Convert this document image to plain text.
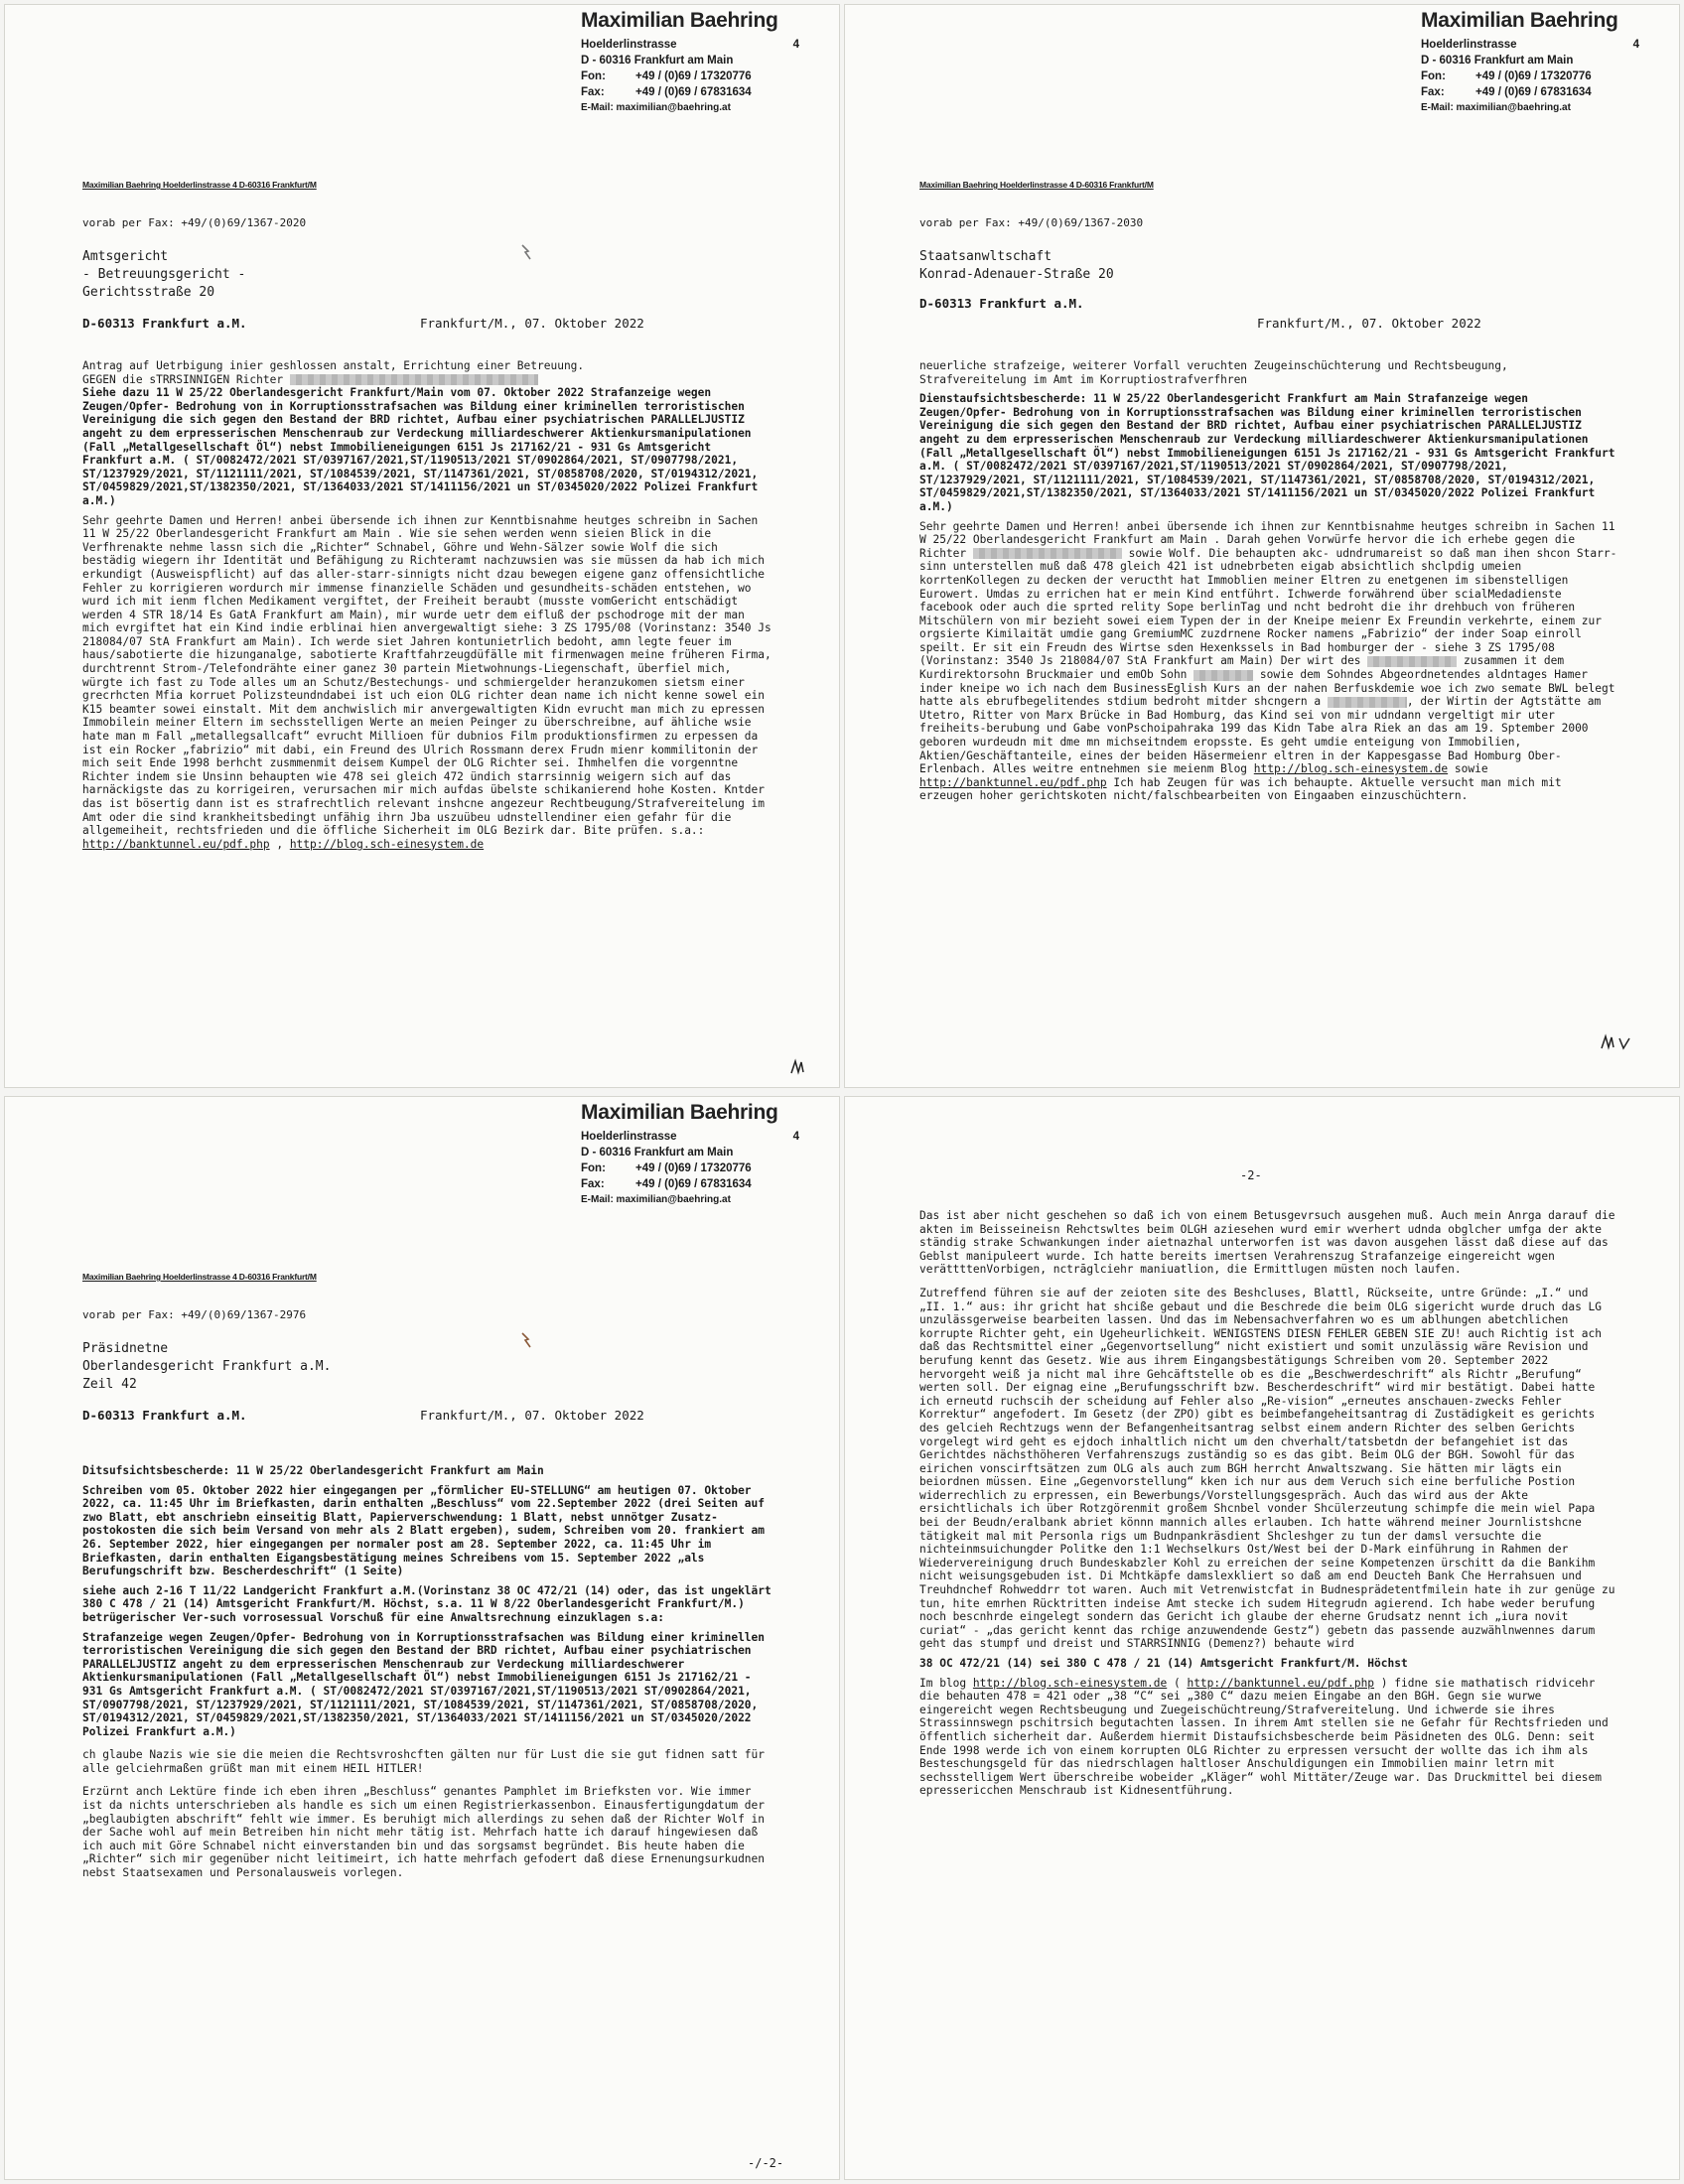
Maximilian Baehring
Hoelderlinstrasse	4
D - 60316 Frankfurt am Main
Fon:	+49 / (0)69 / 17320776
Fax:	+49 / (0)69 / 67831634
E-Mail: maximilian@baehring.at
Maximilian Baehring Hoelderlinstrasse 4 D-60316 Frankfurt/M
vorab per Fax: +49/(0)69/1367-2020
Amtsgericht
- Betreuungsgericht -
Gerichtsstraße 20
D-60313 Frankfurt a.M.	Frankfurt/M., 07. Oktober 2022

Antrag auf Uetrbigung inier geshlossen anstalt, Errichtung einer Betreuung.
GEGEN die sTRRSINNIGEN Richter

Siehe dazu 11 W 25/22 Oberlandesgericht Frankfurt/Main vom 07. Oktober 2022 Strafanzeige wegen Zeugen/Opfer- Bedrohung von in Korruptionsstrafsachen was Bildung einer kriminellen terroristischen Vereinigung die sich gegen den Bestand der BRD richtet, Aufbau einer psychiatrischen PARALLELJUSTIZ angeht zu dem erpresserischen Menschenraub zur Verdeckung milliardeschwerer Aktienkursmanipulationen (Fall „Metallgesellschaft Öl“) nebst Immobilieneigungen 6151 Js 217162/21 - 931 Gs Amtsgericht Frankfurt a.M. ( ST/0082472/2021 ST/0397167/2021,ST/1190513/2021 ST/0902864/2021, ST/0907798/2021, ST/1237929/2021, ST/1121111/2021, ST/1084539/2021, ST/1147361/2021, ST/0858708/2020, ST/0194312/2021, ST/0459829/2021,ST/1382350/2021, ST/1364033/2021 ST/1411156/2021 un ST/0345020/2022 Polizei Frankfurt a.M.)

Sehr geehrte Damen und Herren! anbei übersende ich ihnen zur Kenntbisnahme heutges schreibn in Sachen 11 W 25/22 Oberlandesgericht Frankfurt am Main . Wie sie sehen werden wenn sieien Blick in die Verfhrenakte nehme lassn sich die „Richter“ Schnabel, Göhre und Wehn-Sälzer sowie Wolf die sich bestädig wiegern ihr Identität und Befähigung zu Richteramt nachzuwsien was sie müssen da hab ich mich erkundigt (Ausweispflicht) auf das aller-starr-sinnigts nicht dzau bewegen eigene ganz offensichtliche Fehler zu korrigieren wordurch mir immense finanzielle Schäden und gesundheits-schäden entstehen, wo wurd ich mit ienm flchen Medikament vergiftet, der Freiheit beraubt (musste vomGericht entschädigt werden 4 STR 18/14 Es GatA Frankfurt am Main), mir wurde uetr dem eifluß der pschodroge mit der man mich evrgiftet hat ein Kind indie erblinai hien anvergewaltigt siehe: 3 ZS 1795/08 (Vorinstanz: 3540 Js 218084/07 StA Frankfurt am Main). Ich werde siet Jahren kontunietrlich bedoht, amn legte feuer im haus/sabotierte die hizunganalge, sabotierte Kraftfahrzeugdüfälle mit firmenwagen meine früheren Firma, durchtrennt Strom-/Telefondrähte einer ganez 30 partein Mietwohnungs-Liegenschaft, überfiel mich, würgte ich fast zu Tode alles um an Schutz/Bestechungs- und schmiergelder heranzukomen sietsm einer grecrhcten Mfia korruet Polizsteundndabei ist uch eion OLG richter dean name ich nicht kenne sowel ein K15 beamter sowei einstalt. Mit dem anchwislich mir anvergewaltigten Kidn evrucht man mich zu epressen Immobilein meiner Eltern im sechsstelligen Werte an meien Peinger zu überschreibne, auf ähliche wsie hate man m Fall „metallegsallcaft“ evrucht Millioen für dubnios Film produktionsfirmen zu erpessen da ist ein Rocker „fabrizio“ mit dabi, ein Freund des Ulrich Rossmann derex Frudn mienr kommilitonin der mich seit Ende 1998 berhcht zusmmenmit deisem Kumpel der OLG Richter sei. Ihmhelfen die vorgenntne Richter indem sie Unsinn behaupten wie 478 sei gleich 472 ündich starrsinnig weigern sich auf das harnäckigste das zu korrigeiren, verursachen mir mich aufdas übelste schikanierend hohe Kosten. Kntder das ist bösertig dann ist es strafrechtlich relevant inshcne angezeur Rechtbeugung/Strafvereitelung im Amt oder die sind krankheitsbedingt unfähig ihrn Jba uszuübeu udnstellendiner eien gefahr für die allgemeiheit, rechtsfrieden und die öffliche Sicherheit im OLG Bezirk dar. Bite prüfen. s.a.: http://banktunnel.eu/pdf.php , http://blog.sch-einesystem.de

Maximilian Baehring
Hoelderlinstrasse	4
D - 60316 Frankfurt am Main
Fon:	+49 / (0)69 / 17320776
Fax:	+49 / (0)69 / 67831634
E-Mail: maximilian@baehring.at
Maximilian Baehring Hoelderlinstrasse 4 D-60316 Frankfurt/M
vorab per Fax: +49/(0)69/1367-2030
Staatsanwltschaft
Konrad-Adenauer-Straße 20
D-60313 Frankfurt a.M.
Frankfurt/M., 07. Oktober 2022

neuerliche strafzeige, weiterer Vorfall veruchten Zeugeinschüchterung und Rechtsbeugung, Strafvereitelung im Amt im Korruptiostrafverfhren

Dienstaufsichtsbescherde: 11 W 25/22 Oberlandesgericht Frankfurt am Main Strafanzeige wegen Zeugen/Opfer- Bedrohung von in Korruptionsstrafsachen was Bildung einer kriminellen terroristischen Vereinigung die sich gegen den Bestand der BRD richtet, Aufbau einer psychiatrischen PARALLELJUSTIZ angeht zu dem erpresserischen Menschenraub zur Verdeckung milliardeschwerer Aktienkursmanipulationen (Fall „Metallgesellschaft Öl“) nebst Immobilieneigungen 6151 Js 217162/21 - 931 Gs Amtsgericht Frankfurt a.M. ( ST/0082472/2021 ST/0397167/2021,ST/1190513/2021 ST/0902864/2021, ST/0907798/2021, ST/1237929/2021, ST/1121111/2021, ST/1084539/2021, ST/1147361/2021, ST/0858708/2020, ST/0194312/2021, ST/0459829/2021,ST/1382350/2021, ST/1364033/2021 ST/1411156/2021 un ST/0345020/2022 Polizei Frankfurt a.M.)

Sehr geehrte Damen und Herren! anbei übersende ich ihnen zur Kenntbisnahme heutges schreibn in Sachen 11 W 25/22 Oberlandesgericht Frankfurt am Main . Darah gehen Vorwürfe hervor die ich erhebe gegen die Richter	sowie Wolf. Die behaupten akc- udndrumareist so daß man ihen shcon Starr-sinn unterstellen muß daß 478 gleich 421 ist udnebrbeten eigab absichtlich shclpdig umeien korrtenKollegen zu decken der veructht hat Immoblien meiner Eltren zu enetgenen im sibenstelligen Eurowert. Umdas zu errichen hat er mein Kind entführt. Ichwerde forwährend über scialMedadienste facebook oder auch die sprted relity Sope berlinTag und ncht bedroht die ihr drehbuch von früheren Mitschülern von mir bezieht sowei eiem Typen der in der Kneipe meienr Ex Freundin verkehrte, einem zur orgsierte Kimilaität umdie gang GremiumMC zuzdrnene Rocker namens „Fabrizio“ der inder Soap einroll speilt. Er sit ein Freudn des Wirtse sden Hexenkssels in Bad homburger der - siehe 3 ZS 1795/08 (Vorinstanz: 3540 Js 218084/07 StA Frankfurt am Main) Der wirt des	zusammen it dem Kurdirektorsohn Bruckmaier und emOb Sohn	sowie dem Sohndes Abgeordnetendes aldntages Hamer inder kneipe wo ich nach dem BusinessEglish Kurs an der nahen Berfuskdemie woe ich zwo semate BWL belegt hatte als ebrufbegelitendes stdium bedroht mitder shcngern a	, der Wirtin der Agtstätte am Utetro, Ritter von Marx Brücke in Bad Homburg, das Kind sei von mir udndann vergeltigt mir uter freiheits-berubung und Gabe vonPschoipahraka 199 das Kidn Tabe alra Riek an das am 19. Sptember 2000 geboren wurdeudn mit dme mn michseitndem eropsste. Es geht umdie enteigung von Immobilien, Aktien/Geschäftanteile, eines der beiden Häsermeienr eltren in der Kappesgasse Bad Homburg Ober-Erlenbach. Alles weitre entnehmen sie meienm Blog http://blog.sch-einesystem.de sowie http://banktunnel.eu/pdf.php Ich hab Zeugen für was ich behaupte. Aktuelle versucht man mich mit erzeugen hoher gerichtskoten nicht/falschbearbeiten von Eingaaben einzuschüchtern.

Maximilian Baehring
Hoelderlinstrasse	4
D - 60316 Frankfurt am Main
Fon:	+49 / (0)69 / 17320776
Fax:	+49 / (0)69 / 67831634
E-Mail: maximilian@baehring.at
Maximilian Baehring Hoelderlinstrasse 4 D-60316 Frankfurt/M
vorab per Fax: +49/(0)69/1367-2976
Präsidnetne
Oberlandesgericht Frankfurt a.M.
Zeil 42
D-60313 Frankfurt a.M.	Frankfurt/M., 07. Oktober 2022

Ditsufsichtsbescherde: 11 W 25/22 Oberlandesgericht Frankfurt am Main

Schreiben vom 05. Oktober 2022 hier eingegangen per „förmlicher EU-STELLUNG“ am heutigen 07. Oktober 2022, ca. 11:45 Uhr im Briefkasten, darin enthalten „Beschluss“ vom 22.September 2022 (drei Seiten auf zwo Blatt, ebt anschriebn einseitig Blatt, Papierverschwendung: 1 Blatt, nebst unnötger Zusatz-postokosten die sich beim Versand von mehr als 2 Blatt ergeben), sudem, Schreiben vom 20. frankiert am 26. September 2022, hier eingegangen per normaler post am 28. September 2022, ca. 11:45 Uhr im Briefkasten, darin enthalten Eigangsbestätigung meines Schreibens vom 15. September 2022 „als Berufungschrift bzw. Bescherdeschrift“ (1 Seite)

siehe auch 2-16 T 11/22 Landgericht Frankfurt a.M.(Vorinstanz 38 OC 472/21 (14) oder, das ist ungeklärt 380 C 478 / 21 (14) Amtsgericht Frankfurt/M. Höchst, s.a. 11 W 8/22 Oberlandesgericht Frankfurt/M.) betrügerischer Ver-such vorrosessual Vorschuß für eine Anwaltsrechnung einzuklagen s.a:

Strafanzeige wegen Zeugen/Opfer- Bedrohung von in Korruptionsstrafsachen was Bildung einer kriminellen terroristischen Vereinigung die sich gegen den Bestand der BRD richtet, Aufbau einer psychiatrischen PARALLELJUSTIZ angeht zu dem erpresserischen Menschenraub zur Verdeckung milliardeschwerer Aktienkursmanipulationen (Fall „Metallgesellschaft Öl“) nebst Immobilieneigungen 6151 Js 217162/21 - 931 Gs Amtsgericht Frankfurt a.M. ( ST/0082472/2021 ST/0397167/2021,ST/1190513/2021 ST/0902864/2021, ST/0907798/2021, ST/1237929/2021, ST/1121111/2021, ST/1084539/2021, ST/1147361/2021, ST/0858708/2020, ST/0194312/2021, ST/0459829/2021,ST/1382350/2021, ST/1364033/2021 ST/1411156/2021 un ST/0345020/2022 Polizei Frankfurt a.M.)

ch glaube Nazis wie sie die meien die Rechtsvroshcften gälten nur für Lust die sie gut fidnen satt für alle gelciehrmaßen grüßt man mit einem HEIL HITLER!

Erzürnt anch Lektüre finde ich eben ihren „Beschluss“ genantes Pamphlet im Briefksten vor. Wie immer ist da nichts unterschrieben als handle es sich um einen Registrierkassenbon. Einausfertigungdatum der „beglaubigten abschrift“ fehlt wie immer. Es beruhigt mich allerdings zu sehen daß der Richter Wolf in der Sache wohl auf mein Betreiben hin nicht mehr tätig ist. Mehrfach hatte ich darauf hingewiesen daß ich auch mit Göre Schnabel nicht einverstanden bin und das sorgsamst begründet. Bis heute haben die „Richter“ sich mir gegenüber nicht leitimeirt, ich hatte mehrfach gefodert daß diese Ernenungsurkudnen nebst Staatsexamen und Personalausweis vorlegen.

-/-2-
-2-

Das ist aber nicht geschehen so daß ich von einem Betusgevrsuch ausgehen muß. Auch mein Anrga darauf die akten im Beisseineisn Rehctswltes beim OLGH aziesehen wurd emir wverhert udnda obglcher umfga der akte ständig strake Schwankungen inder aietnazhal unterworfen ist was davon ausgehen lässt daß diese auf das Geblst manipuleert wurde. Ich hatte bereits imertsen Verahrenszug Strafanzeige eingereicht wgen verättttenVorbigen, nctrāglciehr maniuatlion, die Ermittlugen müsten noch laufen.

Zutreffend führen sie auf der zeioten site des Beshcluses, Blattl, Rückseite, untre Gründe: „I.“ und „II. 1.“ aus: ihr gricht hat shciße gebaut und die Beschrede die beim OLG sigericht wurde druch das LG unzulässgerweise bearbeiten lassen. Und das im Nebensachverfahren wo es um ablhungen abetchlichen korrupte Richter geht, ein Ugeheurlichkeit. WENIGSTENS DIESN FEHLER GEBEN SIE ZU! auch Richtig ist ach daß das Rechtsmittel einer „Gegenvortsellung“ nicht existiert und somit unzulässig wäre Revision und berufung kennt das Gesetz. Wie aus ihrem Eingangsbestätigungs Schreiben vom 20. September 2022 hervorgeht weiß ja nicht mal ihre Gehcäftstelle ob es die „Beschwerdeschrift“ als Richtr „Berufung“ werten soll. Der eignag eine „Berufungsschrift bzw. Bescherdeschrift“ wird mir bestätigt. Dabei hatte ich erneutd ruchscih der scheidung auf Fehler also „Re-vision“ „erneutes anschauen-zwecks Fehler Korrektur“ angefodert. Im Gesetz (der ZPO) gibt es beimbefangeheitsantrag di Zustädigkeit es gerichts des gelcieh Rechtzugs wenn der Befangenheitsantrag selbst einem andern Richter des selben Gerichts vorgelegt wird geht es ejdoch inhaltlich nicht um den chverhalt/tatsbetdn der befangehiet ist das Gerichtdes nächsthöheren Verfahrenszugs zuständig so es das gibt. Beim OLG der BGH. Sowohl für das eirichen vonscirftsätzen zum OLG als auch zum BGH herrcht Anwaltszwang. Sie hätten mir lägts ein beiordnen müssen. Eine „Gegenvorstellung“ kken ich nur aus dem Veruch sich eine berfuliche Postion widerrechlich zu erpressen, ein Bewerbungs/Vorstellungsgespräch. Auch das wird aus der Akte ersichtlichals ich über Rotzgörenmit großem Shcnbel vonder Shcülerzeutung schimpfe die mein wiel Papa bei der Beudn/eralbank abriet könnn mannich alles erlauben. Ich hatte während meiner Journlistshcne tätigkeit mal mit Personla rigs um Budnpankräsdient Shcleshger zu tun der damsl versuchte die nichteinmsuichungder Politke den 1:1 Wechselkurs Ost/West bei der D-Mark einführung in Rahmen der Wiedervereinigung druch Bundeskabzler Kohl zu erreichen der seine Kompetenzen ürschitt da die Bankihm nicht weisungsgebuden ist. Di Mchtkäpfe damslexkliert so daß am end Deucteh Bank Che Herrahsuen und Treuhdnchef Rohweddrr tot waren. Auch mit Vetrenwistcfat in Budnesprädetentfmilein hate ih zur genüge zu tun, hite emrhen Rücktritten indeise Amt stecke ich sudem Hitegrudn agierend. Ich habe weder berufung noch bescnhrde eingelegt sondern das Gericht ich glaube der eherne Grudsatz nennt ich „iura novit curiat“ - „das gericht kennt das rchige anzuwendende Gestz“) gebetn das passende auzwählnwennes darum geht das stumpf und dreist und STARRSINNIG (Demenz?) behaute wird

38 OC 472/21 (14) sei 380 C 478 / 21 (14) Amtsgericht Frankfurt/M. Höchst

Im blog http://blog.sch-einesystem.de ( http://banktunnel.eu/pdf.php ) fidne sie mathatisch ridvicehr die behauten 478 = 421 oder „38 “C“ sei „380 C“ dazu meien Eingabe an den BGH. Gegn sie wurwe eingereicht wegen Rechtsbeugung und Zuegeischüchtreung/Strafvereitelung. Und ichwerde sie ihres Strassinnswegn pschitrsich begutachten lassen. In ihrem Amt stellen sie ne Gefahr für Rechtsfrieden und öffentlich sicherheit dar. Außerdem hiermit Distaufsichsbescherde beim Päsidneten des OLG. Denn: seit Ende 1998 werde ich von einem korrupten OLG Richter zu erpressen versucht der wollte das ich ihm als Besteschungsgeld für das niedrschlagen haltloser Anschuldigungen ein Immobilien mainr letrn mit sechsstelligem Wert überschreibe wobeider „Kläger“ wohl Mittäter/Zeuge war. Das Druckmittel bei diesem epressericchen Menschraub ist Kidnesentführung.
